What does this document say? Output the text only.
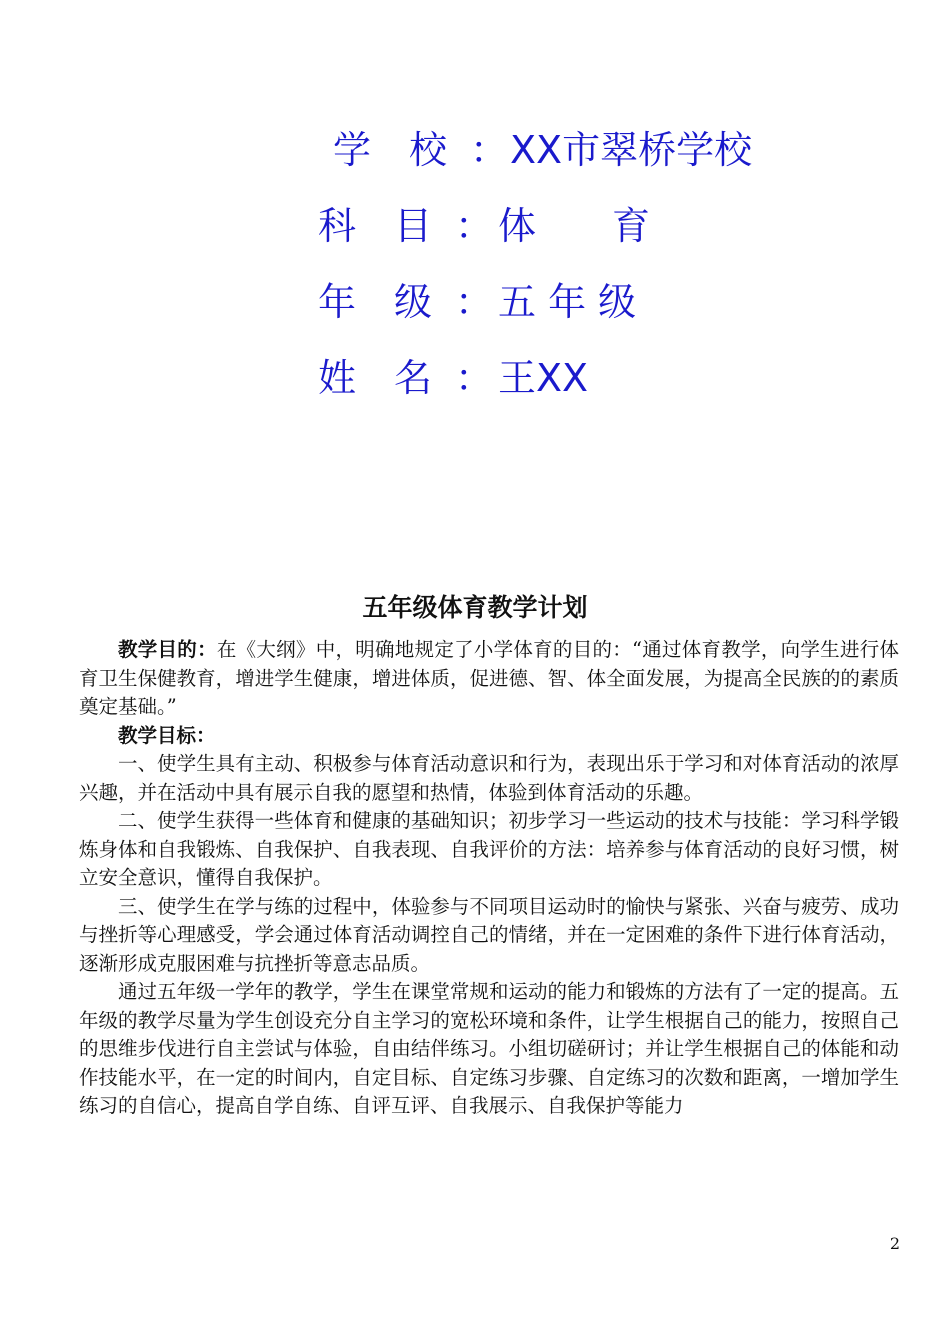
学　校 ： XX市翠桥学校
科　目 ： 体　　育
年　级 ： 五 年 级
姓　名 ： 王XX
五年级体育教学计划

教学目的：在《大纲》中，明确地规定了小学体育的目的：“通过体育教学，向学生进行体育卫生保健教育，增进学生健康，增进体质，促进德、智、体全面发展，为提高全民族的的素质奠定基础。”

教学目标：

一、使学生具有主动、积极参与体育活动意识和行为，表现出乐于学习和对体育活动的浓厚兴趣，并在活动中具有展示自我的愿望和热情，体验到体育活动的乐趣。

二、使学生获得一些体育和健康的基础知识；初步学习一些运动的技术与技能：学习科学锻炼身体和自我锻炼、自我保护、自我表现、自我评价的方法：培养参与体育活动的良好习惯，树立安全意识，懂得自我保护。

三、使学生在学与练的过程中，体验参与不同项目运动时的愉快与紧张、兴奋与疲劳、成功与挫折等心理感受，学会通过体育活动调控自己的情绪，并在一定困难的条件下进行体育活动，逐渐形成克服困难与抗挫折等意志品质。

通过五年级一学年的教学，学生在课堂常规和运动的能力和锻炼的方法有了一定的提高。五年级的教学尽量为学生创设充分自主学习的宽松环境和条件，让学生根据自己的能力，按照自己的思维步伐进行自主尝试与体验，自由结伴练习。小组切磋研讨；并让学生根据自己的体能和动作技能水平，在一定的时间内，自定目标、自定练习步骤、自定练习的次数和距离，一增加学生练习的自信心，提高自学自练、自评互评、自我展示、自我保护等能力

2
